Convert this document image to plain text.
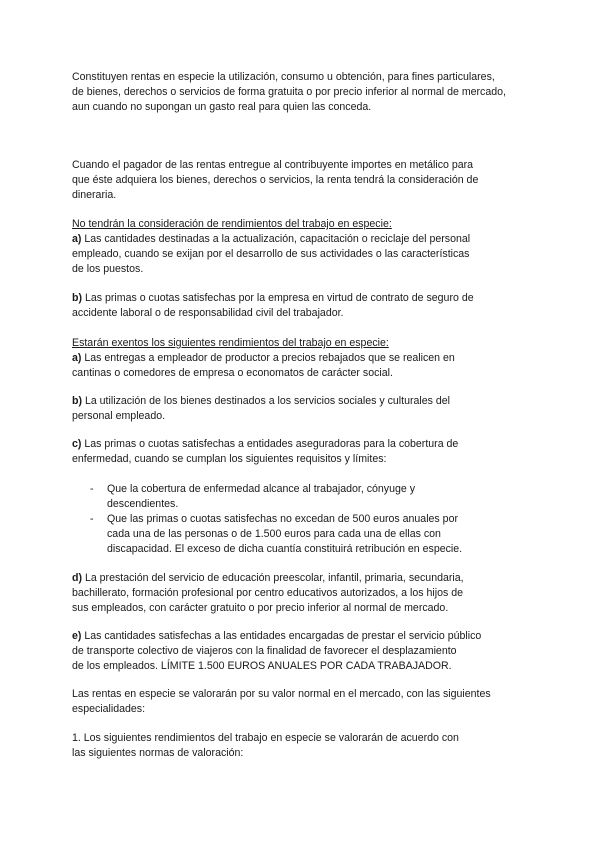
Constituyen rentas en especie la utilización, consumo u obtención, para fines particulares,
de bienes, derechos o servicios de forma gratuita o por precio inferior al normal de mercado,
aun cuando no supongan un gasto real para quien las conceda.

Cuando el pagador de las rentas entregue al contribuyente importes en metálico para
que éste adquiera los bienes, derechos o servicios, la renta tendrá la consideración de
dineraria.

No tendrán la consideración de rendimientos del trabajo en especie:
a) Las cantidades destinadas a la actualización, capacitación o reciclaje del personal
empleado, cuando se exijan por el desarrollo de sus actividades o las características
de los puestos.

b) Las primas o cuotas satisfechas por la empresa en virtud de contrato de seguro de
accidente laboral o de responsabilidad civil del trabajador.

Estarán exentos los siguientes rendimientos del trabajo en especie:
a) Las entregas a empleador de productor a precios rebajados que se realicen en
cantinas o comedores de empresa o economatos de carácter social.

b) La utilización de los bienes destinados a los servicios sociales y culturales del
personal empleado.

c) Las primas o cuotas satisfechas a entidades aseguradoras para la cobertura de
enfermedad, cuando se cumplan los siguientes requisitos y límites:

- Que la cobertura de enfermedad alcance al trabajador, cónyuge y
descendientes.
- Que las primas o cuotas satisfechas no excedan de 500 euros anuales por
cada una de las personas o de 1.500 euros para cada una de ellas con
discapacidad. El exceso de dicha cuantía constituirá retribución en especie.

d) La prestación del servicio de educación preescolar, infantil, primaria, secundaria,
bachillerato, formación profesional por centro educativos autorizados, a los hijos de
sus empleados, con carácter gratuito o por precio inferior al normal de mercado.

e) Las cantidades satisfechas a las entidades encargadas de prestar el servicio público
de transporte colectivo de viajeros con la finalidad de favorecer el desplazamiento
de los empleados. LÍMITE 1.500 EUROS ANUALES POR CADA TRABAJADOR.

Las rentas en especie se valorarán por su valor normal en el mercado, con las siguientes
especialidades:

1. Los siguientes rendimientos del trabajo en especie se valorarán de acuerdo con
las siguientes normas de valoración:
